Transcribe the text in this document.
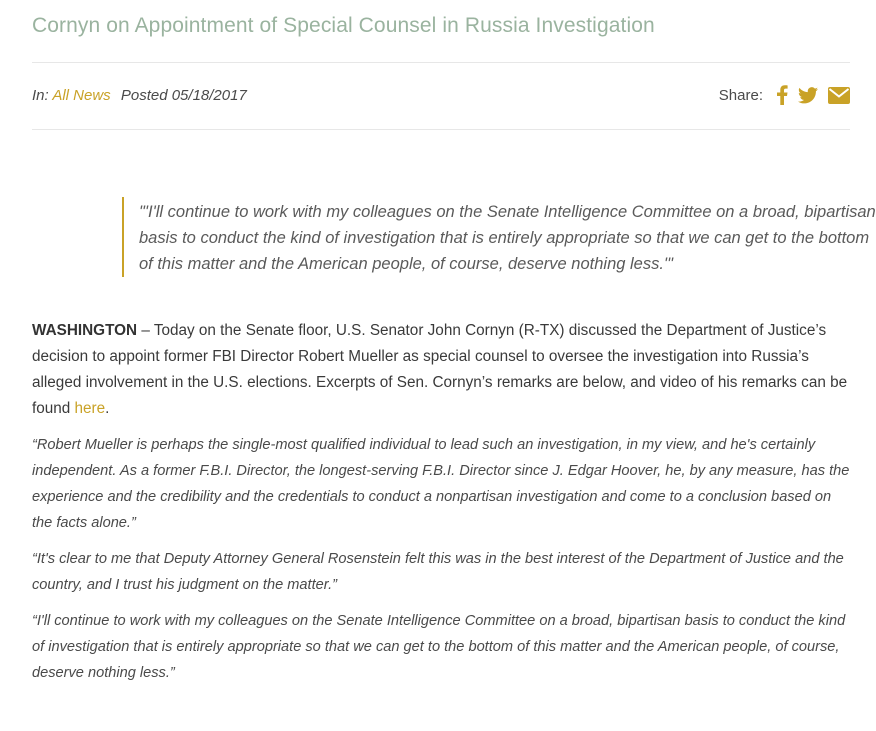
Cornyn on Appointment of Special Counsel in Russia Investigation
In: All News Posted 05/18/2017	Share:

"'I'll continue to work with my colleagues on the Senate Intelligence Committee on a broad, bipartisan basis to conduct the kind of investigation that is entirely appropriate so that we can get to the bottom of this matter and the American people, of course, deserve nothing less.'"

WASHINGTON – Today on the Senate floor, U.S. Senator John Cornyn (R-TX) discussed the Department of Justice’s decision to appoint former FBI Director Robert Mueller as special counsel to oversee the investigation into Russia’s alleged involvement in the U.S. elections. Excerpts of Sen. Cornyn’s remarks are below, and video of his remarks can be found here.

“Robert Mueller is perhaps the single-most qualified individual to lead such an investigation, in my view, and he's certainly independent. As a former F.B.I. Director, the longest-serving F.B.I. Director since J. Edgar Hoover, he, by any measure, has the experience and the credibility and the credentials to conduct a nonpartisan investigation and come to a conclusion based on the facts alone.”

“It's clear to me that Deputy Attorney General Rosenstein felt this was in the best interest of the Department of Justice and the country, and I trust his judgment on the matter.”

“I'll continue to work with my colleagues on the Senate Intelligence Committee on a broad, bipartisan basis to conduct the kind of investigation that is entirely appropriate so that we can get to the bottom of this matter and the American people, of course, deserve nothing less.”
